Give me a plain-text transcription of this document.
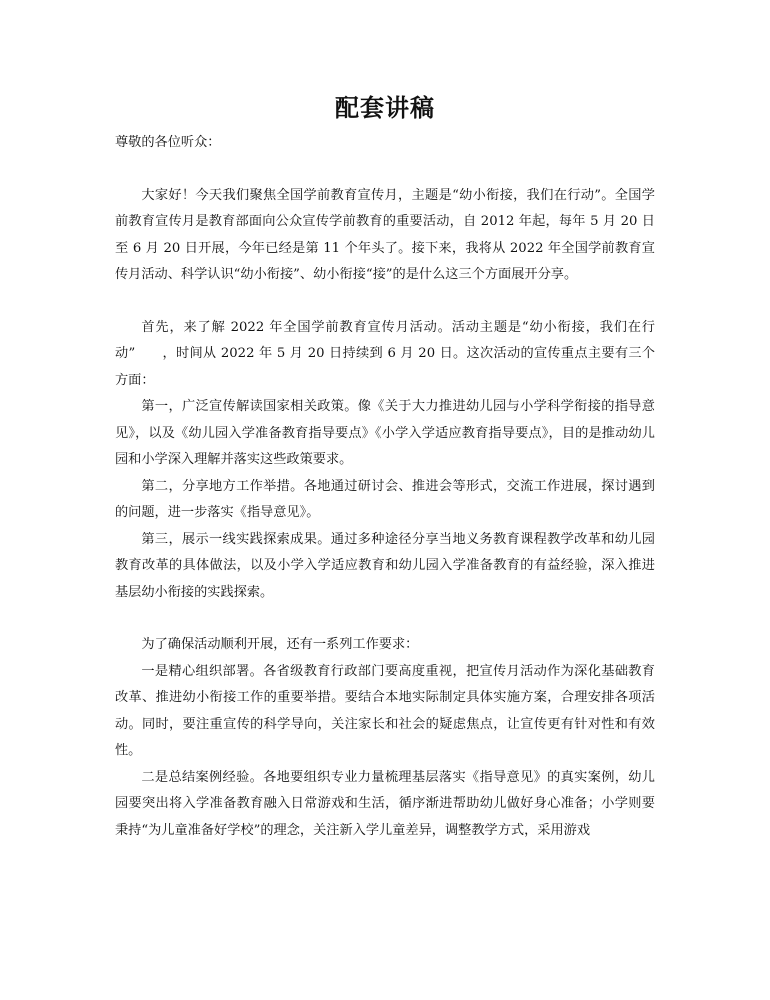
配套讲稿

尊敬的各位听众：

大家好！今天我们聚焦全国学前教育宣传月，主题是“幼小衔接，我们在行动”。全国学前教育宣传月是教育部面向公众宣传学前教育的重要活动，自 2012 年起，每年 5 月 20 日至 6 月 20 日开展，今年已经是第 11 个年头了。接下来，我将从 2022 年全国学前教育宣传月活动、科学认识“幼小衔接”、幼小衔接“接”的是什么这三个方面展开分享。

首先，来了解 2022 年全国学前教育宣传月活动。活动主题是“幼小衔接，我们在行动”　　，时间从 2022 年 5 月 20 日持续到 6 月 20 日。这次活动的宣传重点主要有三个方面：

第一，广泛宣传解读国家相关政策。像《关于大力推进幼儿园与小学科学衔接的指导意见》，以及《幼儿园入学准备教育指导要点》《小学入学适应教育指导要点》，目的是推动幼儿园和小学深入理解并落实这些政策要求。

第二，分享地方工作举措。各地通过研讨会、推进会等形式，交流工作进展，探讨遇到的问题，进一步落实《指导意见》。

第三，展示一线实践探索成果。通过多种途径分享当地义务教育课程教学改革和幼儿园教育改革的具体做法，以及小学入学适应教育和幼儿园入学准备教育的有益经验，深入推进基层幼小衔接的实践探索。

为了确保活动顺利开展，还有一系列工作要求：

一是精心组织部署。各省级教育行政部门要高度重视，把宣传月活动作为深化基础教育改革、推进幼小衔接工作的重要举措。要结合本地实际制定具体实施方案，合理安排各项活动。同时，要注重宣传的科学导向，关注家长和社会的疑虑焦点，让宣传更有针对性和有效性。

二是总结案例经验。各地要组织专业力量梳理基层落实《指导意见》的真实案例，幼儿园要突出将入学准备教育融入日常游戏和生活，循序渐进帮助幼儿做好身心准备；小学则要秉持“为儿童准备好学校”的理念，关注新入学儿童差异，调整教学方式，采用游戏
